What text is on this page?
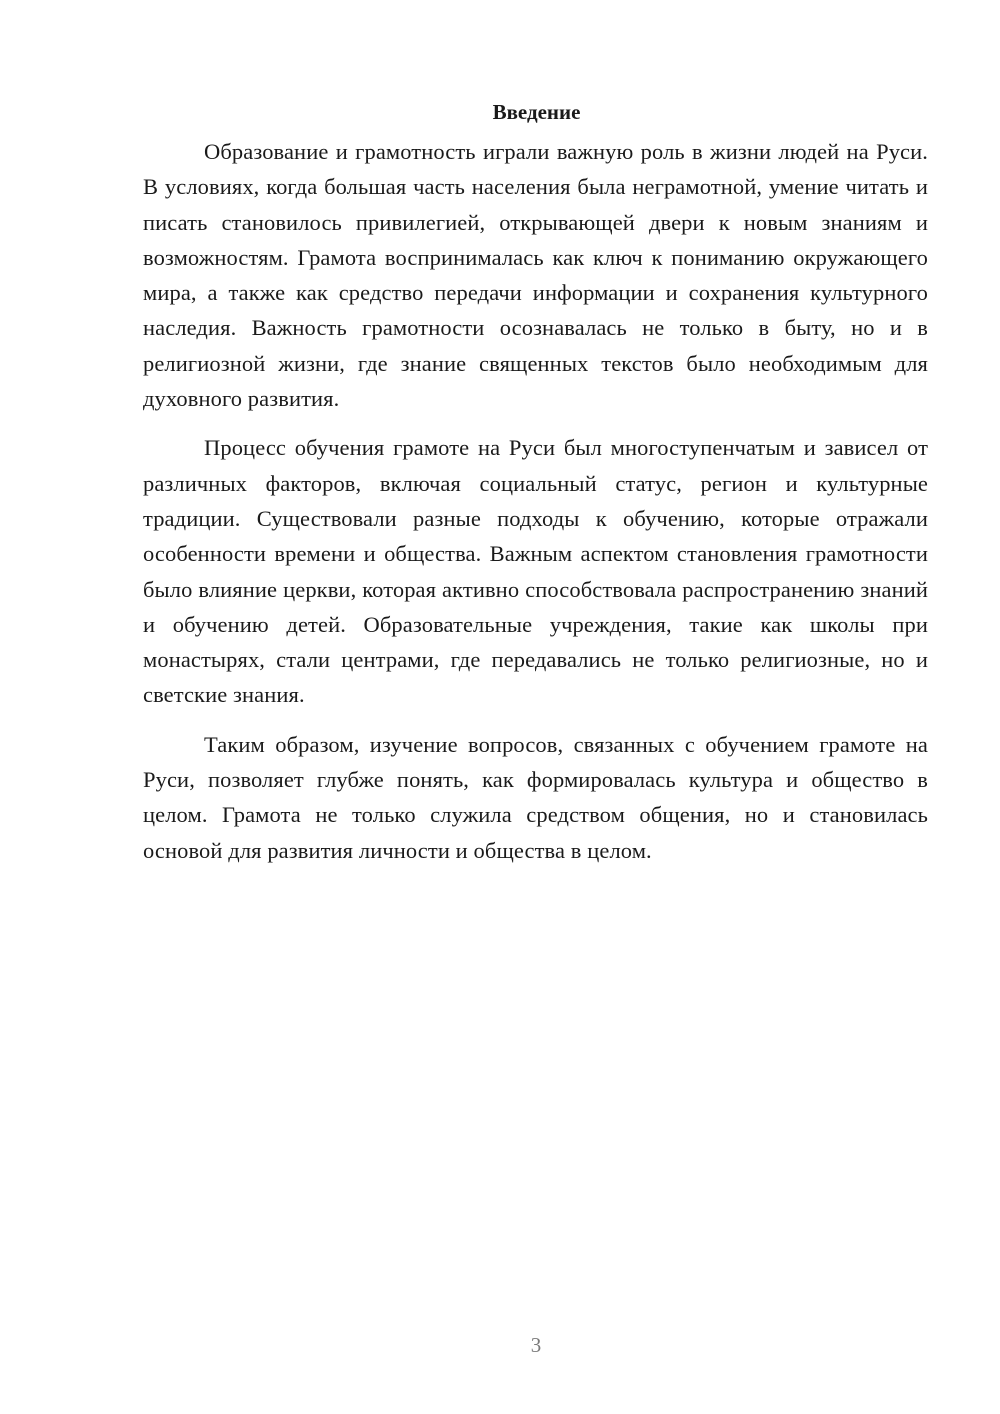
Введение

Образование и грамотность играли важную роль в жизни людей на Руси. В условиях, когда большая часть населения была неграмотной, умение читать и писать становилось привилегией, открывающей двери к новым знаниям и возможностям. Грамота воспринималась как ключ к пониманию окружающего мира, а также как средство передачи информации и сохранения культурного наследия. Важность грамотности осознавалась не только в быту, но и в религиозной жизни, где знание священных текстов было необходимым для духовного развития.

Процесс обучения грамоте на Руси был многоступенчатым и зависел от различных факторов, включая социальный статус, регион и культурные традиции. Существовали разные подходы к обучению, которые отражали особенности времени и общества. Важным аспектом становления грамотности было влияние церкви, которая активно способствовала распространению знаний и обучению детей. Образовательные учреждения, такие как школы при монастырях, стали центрами, где передавались не только религиозные, но и светские знания.

Таким образом, изучение вопросов, связанных с обучением грамоте на Руси, позволяет глубже понять, как формировалась культура и общество в целом. Грамота не только служила средством общения, но и становилась основой для развития личности и общества в целом.

3
